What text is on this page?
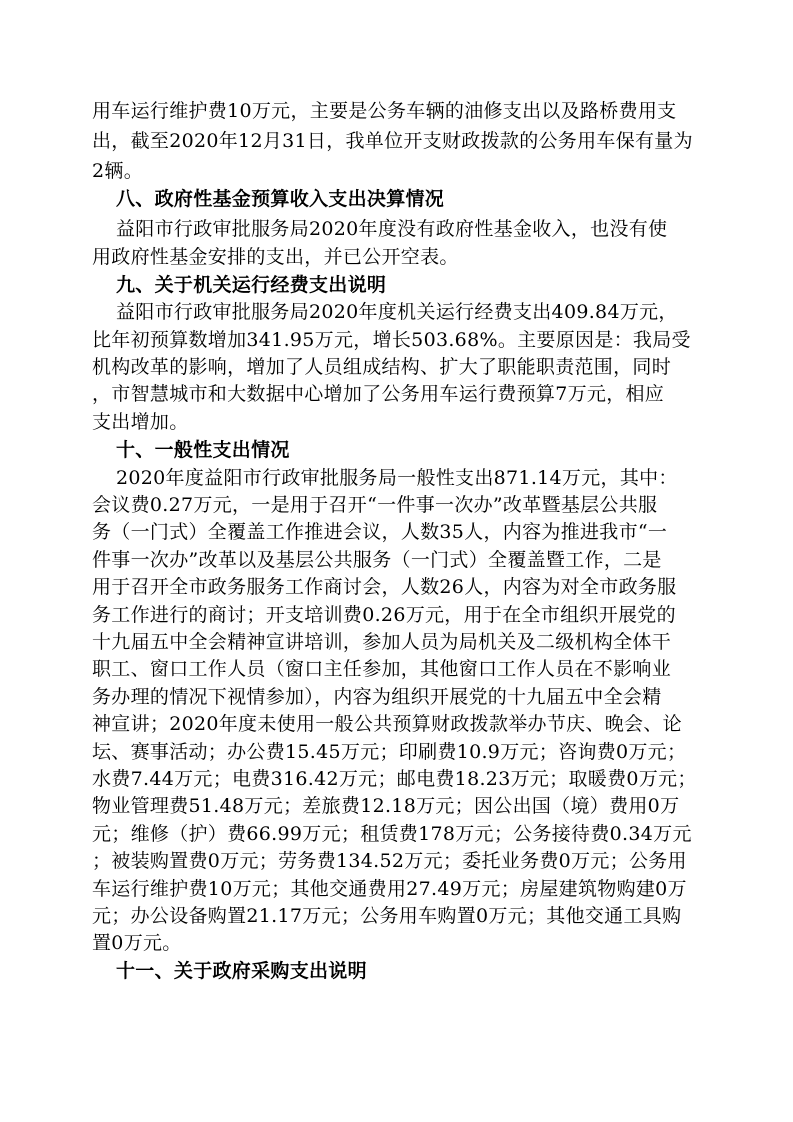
用车运行维护费10万元，主要是公务车辆的油修支出以及路桥费用支
出，截至2020年12月31日，我单位开支财政拨款的公务用车保有量为
2辆。
八、政府性基金预算收入支出决算情况
益阳市行政审批服务局2020年度没有政府性基金收入，也没有使
用政府性基金安排的支出，并已公开空表。
九、关于机关运行经费支出说明
益阳市行政审批服务局2020年度机关运行经费支出409.84万元，
比年初预算数增加341.95万元，增长503.68%。主要原因是：我局受
机构改革的影响，增加了人员组成结构、扩大了职能职责范围，同时
，市智慧城市和大数据中心增加了公务用车运行费预算7万元，相应
支出增加。
十、一般性支出情况
2020年度益阳市行政审批服务局一般性支出871.14万元，其中：
会议费0.27万元，一是用于召开“一件事一次办”改革暨基层公共服
务（一门式）全覆盖工作推进会议，人数35人，内容为推进我市“一
件事一次办”改革以及基层公共服务（一门式）全覆盖暨工作，二是
用于召开全市政务服务工作商讨会，人数26人，内容为对全市政务服
务工作进行的商讨；开支培训费0.26万元，用于在全市组织开展党的
十九届五中全会精神宣讲培训，参加人员为局机关及二级机构全体干
职工、窗口工作人员（窗口主任参加，其他窗口工作人员在不影响业
务办理的情况下视情参加），内容为组织开展党的十九届五中全会精
神宣讲；2020年度未使用一般公共预算财政拨款举办节庆、晚会、论
坛、赛事活动；办公费15.45万元；印刷费10.9万元；咨询费0万元；
水费7.44万元；电费316.42万元；邮电费18.23万元；取暖费0万元；
物业管理费51.48万元；差旅费12.18万元；因公出国（境）费用0万
元；维修（护）费66.99万元；租赁费178万元；公务接待费0.34万元
；被装购置费0万元；劳务费134.52万元；委托业务费0万元；公务用
车运行维护费10万元；其他交通费用27.49万元；房屋建筑物购建0万
元；办公设备购置21.17万元；公务用车购置0万元；其他交通工具购
置0万元。
十一、关于政府采购支出说明
